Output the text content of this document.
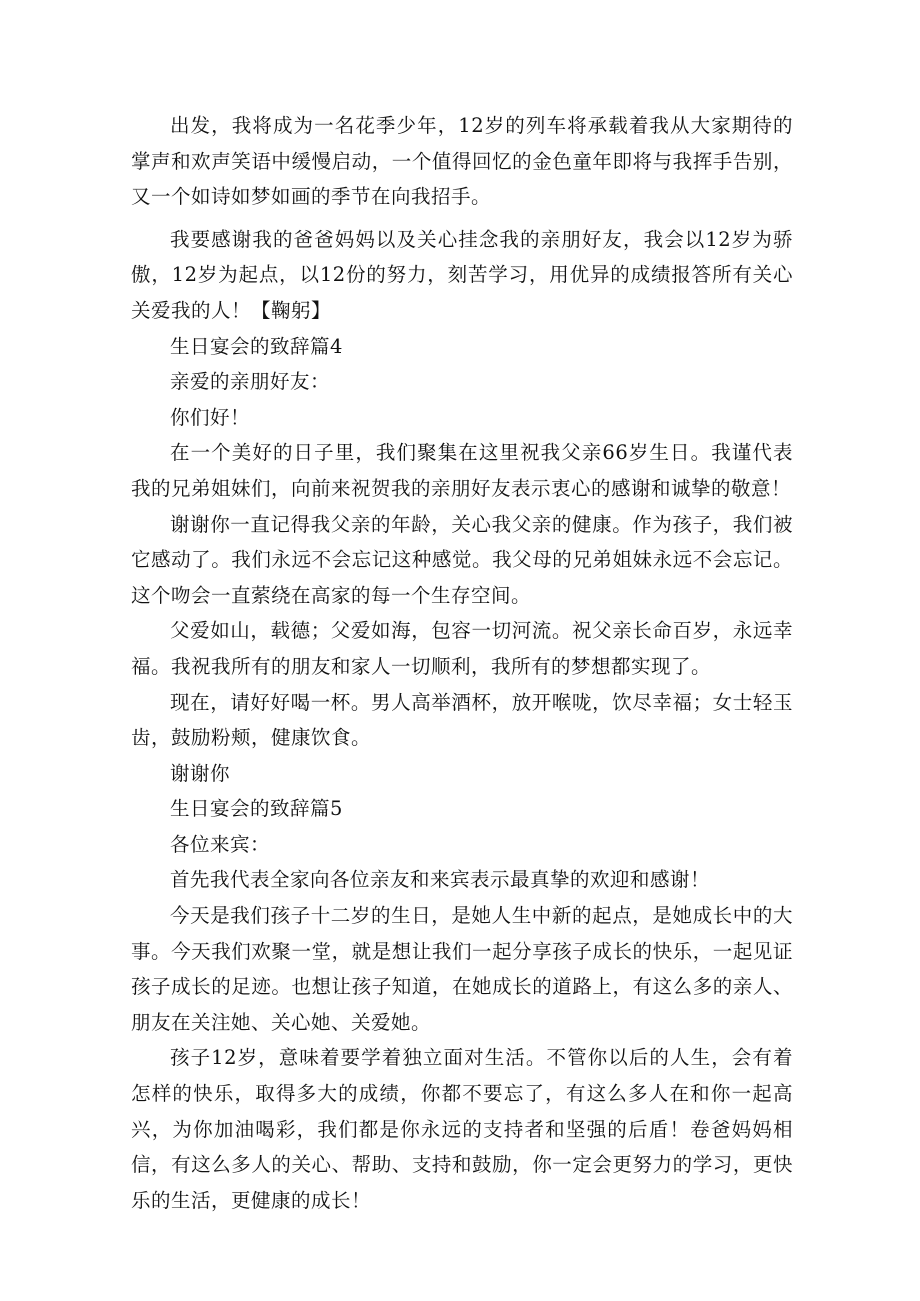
出发，我将成为一名花季少年，12岁的列车将承载着我从大家期待的掌声和欢声笑语中缓慢启动，一个值得回忆的金色童年即将与我挥手告别，又一个如诗如梦如画的季节在向我招手。

我要感谢我的爸爸妈妈以及关心挂念我的亲朋好友，我会以12岁为骄傲，12岁为起点，以12份的努力，刻苦学习，用优异的成绩报答所有关心关爱我的人！【鞠躬】

生日宴会的致辞篇4

亲爱的亲朋好友：

你们好！

在一个美好的日子里，我们聚集在这里祝我父亲66岁生日。我谨代表我的兄弟姐妹们，向前来祝贺我的亲朋好友表示衷心的感谢和诚挚的敬意！

谢谢你一直记得我父亲的年龄，关心我父亲的健康。作为孩子，我们被它感动了。我们永远不会忘记这种感觉。我父母的兄弟姐妹永远不会忘记。这个吻会一直萦绕在高家的每一个生存空间。

父爱如山，载德；父爱如海，包容一切河流。祝父亲长命百岁，永远幸福。我祝我所有的朋友和家人一切顺利，我所有的梦想都实现了。

现在，请好好喝一杯。男人高举酒杯，放开喉咙，饮尽幸福；女士轻玉齿，鼓励粉颊，健康饮食。

谢谢你

生日宴会的致辞篇5

各位来宾：

首先我代表全家向各位亲友和来宾表示最真挚的欢迎和感谢！

今天是我们孩子十二岁的生日，是她人生中新的起点，是她成长中的大事。今天我们欢聚一堂，就是想让我们一起分享孩子成长的快乐，一起见证孩子成长的足迹。也想让孩子知道，在她成长的道路上，有这么多的亲人、朋友在关注她、关心她、关爱她。

孩子12岁，意味着要学着独立面对生活。不管你以后的人生，会有着怎样的快乐，取得多大的成绩，你都不要忘了，有这么多人在和你一起高兴，为你加油喝彩，我们都是你永远的支持者和坚强的后盾！卷爸妈妈相信，有这么多人的关心、帮助、支持和鼓励，你一定会更努力的学习，更快乐的生活，更健康的成长！
